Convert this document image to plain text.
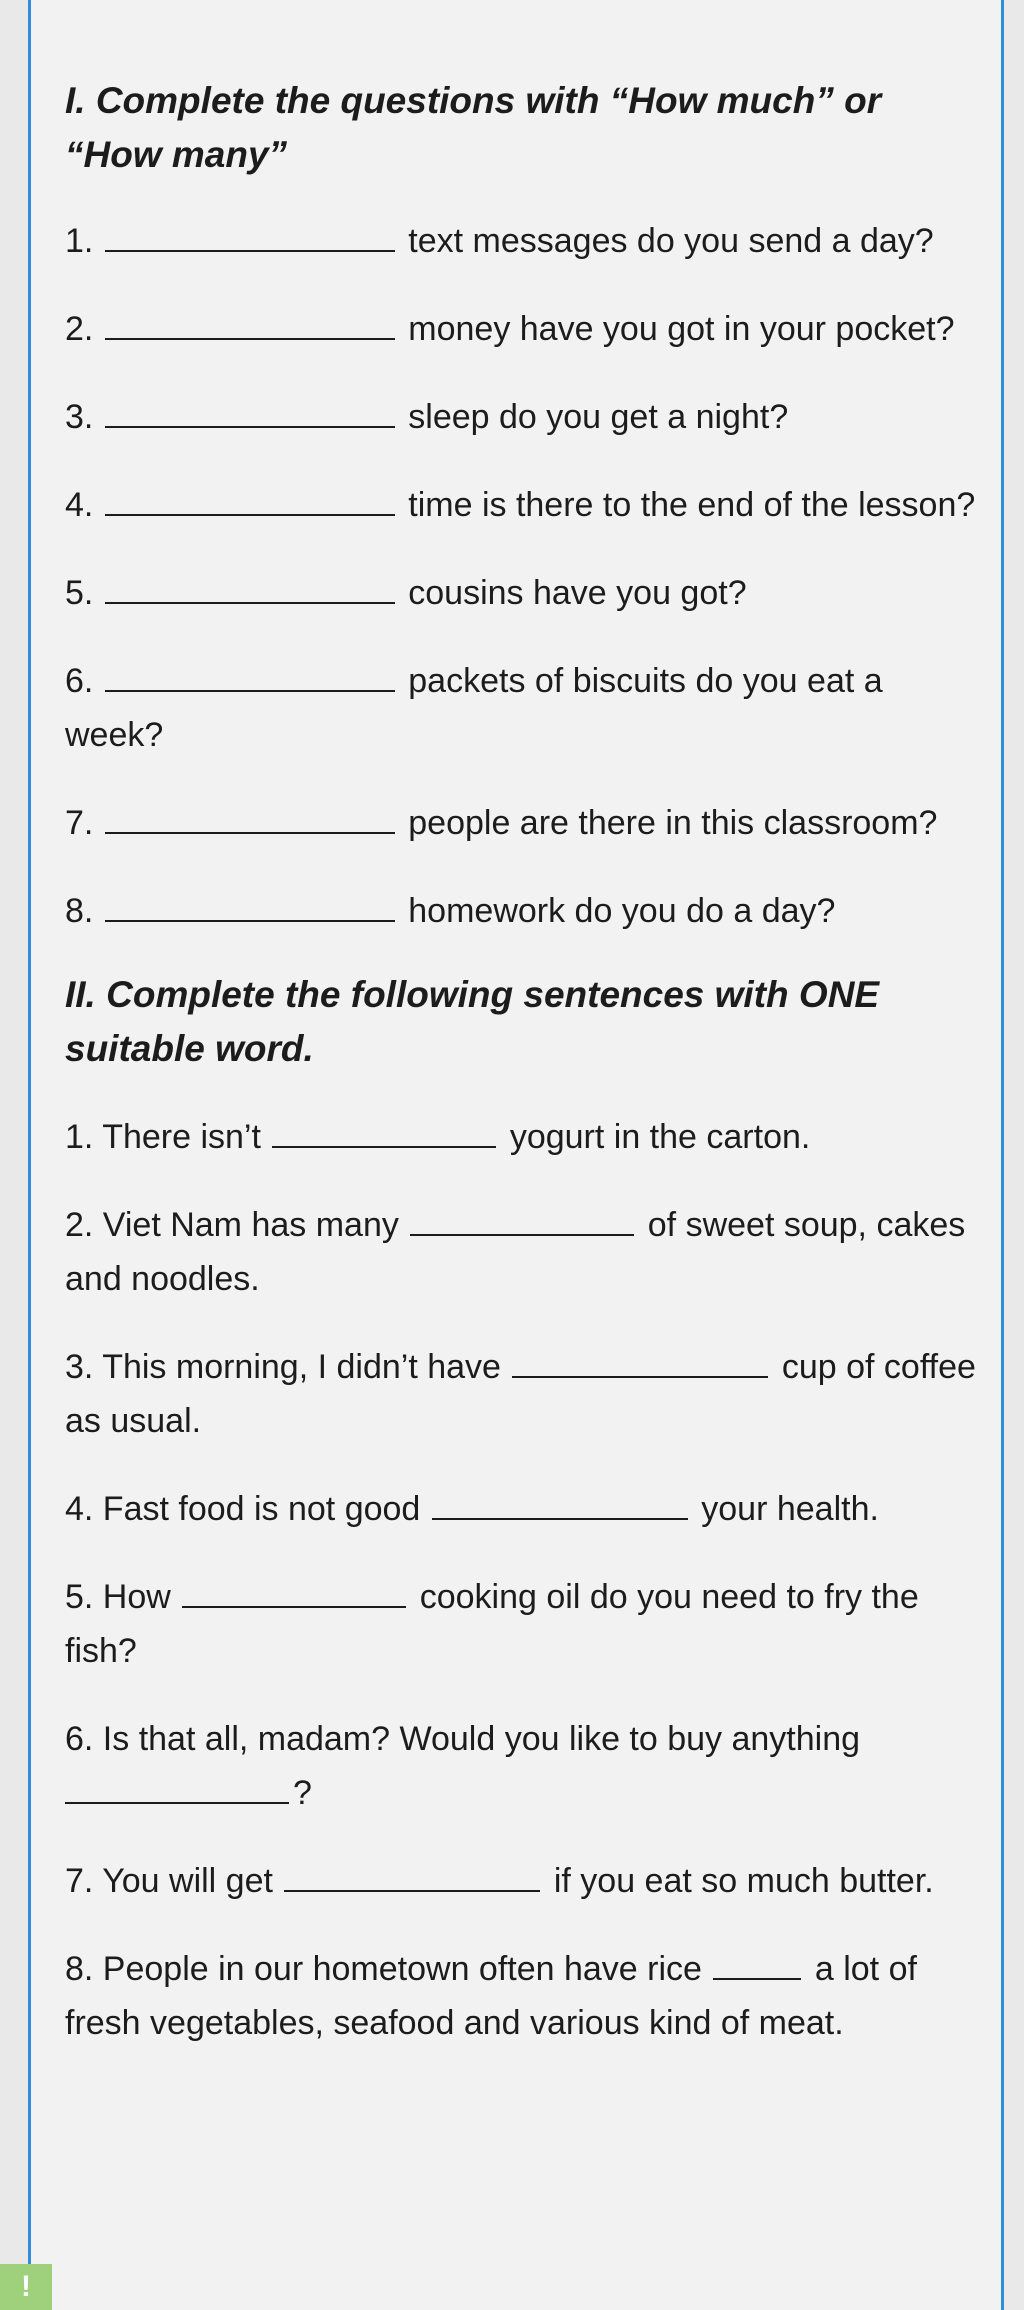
I. Complete the questions with “How much” or “How many”

1.	text messages do you send a day?

2.	money have you got in your pocket?

3.	sleep do you get a night?

4.	time is there to the end of the lesson?

5.	cousins have you got?

6.	packets of biscuits do you eat a week?

7.	people are there in this classroom?

8.	homework do you do a day?

II. Complete the following sentences with ONE suitable word.

1. There isn’t	yogurt in the carton.

2. Viet Nam has many	of sweet soup, cakes and noodles.

3. This morning, I didn’t have	cup of coffee as usual.

4. Fast food is not good	your health.

5. How	cooking oil do you need to fry the fish?

6. Is that all, madam? Would you like to buy anything
?

7. You will get	if you eat so much butter.

8. People in our hometown often have rice	a lot of fresh vegetables, seafood and various kind of meat.

!
